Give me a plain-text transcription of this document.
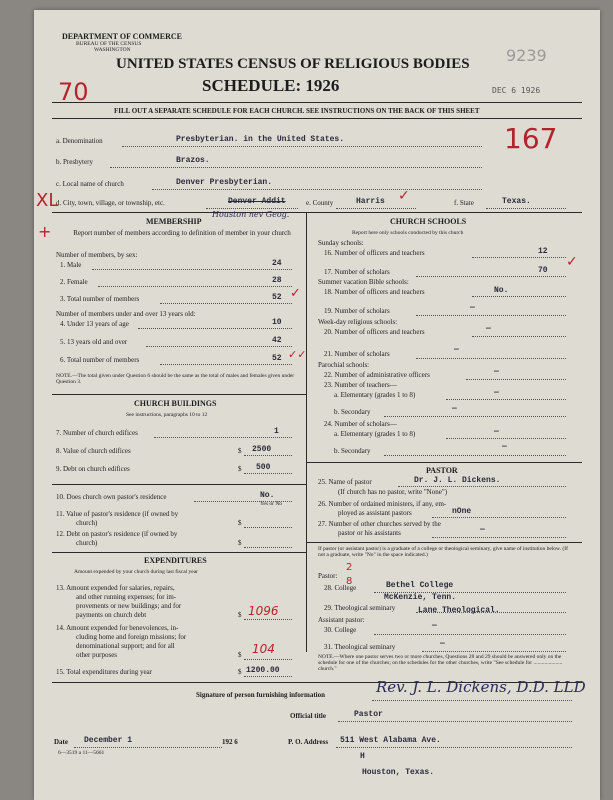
DEPARTMENT OF COMMERCE
BUREAU OF THE CENSUS
WASHINGTON
UNITED STATES CENSUS OF RELIGIOUS BODIES
SCHEDULE: 1926
9239
DEC 6 1926
70
FILL OUT A SEPARATE SCHEDULE FOR EACH CHURCH. SEE INSTRUCTIONS ON THE BACK OF THIS SHEET
a. Denomination	Presbyterian. in the United States.	167
b. Presbytery	Brazos.
c. Local name of church	Denver Presbyterian.
d. City, town, village, or township, etc.	Denver Addit	e. County	Harris ✓	f. State	Texas.
XL
+
MEMBERSHIP
Houston nev Geog.
Report number of members according to definition of member in your church
Number of members, by sex:
1. Male	24
2. Female	28
3. Total number of members	52 ✓
Number of members under and over 13 years old:
4. Under 13 years of age	10
5. 13 years old and over	42
6. Total number of members	52 ✓✓
NOTE.—The total given under Question 6 should be the same as the total of males and females given under Question 3.
CHURCH BUILDINGS
See instructions, paragraphs 10 to 12
7. Number of church edifices	1
8. Value of church edifices	$ 2500
9. Debt on church edifices	$ 500
10. Does church own pastor's residence	No.
Yes or No
11. Value of pastor's residence (if owned by
church)	$
12. Debt on pastor's residence (if owned by
church)	$
EXPENDITURES
Amount expended by your church during last fiscal year
13. Amount expended for salaries, repairs,
and other running expenses; for im-
provements or new buildings; and for
payments on church debt	$ 1096
14. Amount expended for benevolences, in-
cluding home and foreign missions; for
denominational support; and for all
other purposes	$ 104
15. Total expenditures during year	$ 1200.00
CHURCH SCHOOLS
Report here only schools conducted by this church
Sunday schools:
16. Number of officers and teachers	12
17. Number of scholars	70
✓
Summer vacation Bible schools:
18. Number of officers and teachers	No.
19. Number of scholars	—
Week-day religious schools:
20. Number of officers and teachers	—
21. Number of scholars	—
Parochial schools:
22. Number of administrative officers	—
23. Number of teachers—
a. Elementary (grades 1 to 8)	—
b. Secondary	—
24. Number of scholars—
a. Elementary (grades 1 to 8)	—
b. Secondary	—
PASTOR
25. Name of pastor	Dr. J. L. Dickens.
(If church has no pastor, write "None")
26. Number of ordained ministers, if any, em-
ployed as assistant pastors	nOne
27. Number of other churches served by the
pastor or his assistants	—
If pastor (or assistant pastor) is a graduate of a college or theological seminary, give name of institution below. (If not a graduate, write "No" in the space indicated.)
Pastor:
2
8
28. College	Bethel College
McKenzie, Tenn.
29. Theological seminary	Lane Theological.
Assistant pastor:
30. College	—
31. Theological seminary	—
NOTE.—Where one pastor serves two or more churches, Questions 28 and 29 should be answered only on the schedule for one of the churches; on the schedules for the other churches, write "See schedule for ..................... church."
Signature of person furnishing information	Rev. J. L. Dickens, D.D. LLD
Official title	Pastor
Date December 1	192 6
6—3519 a 11—5661
P. O. Address 511 West Alabama Ave.
H
Houston, Texas.
